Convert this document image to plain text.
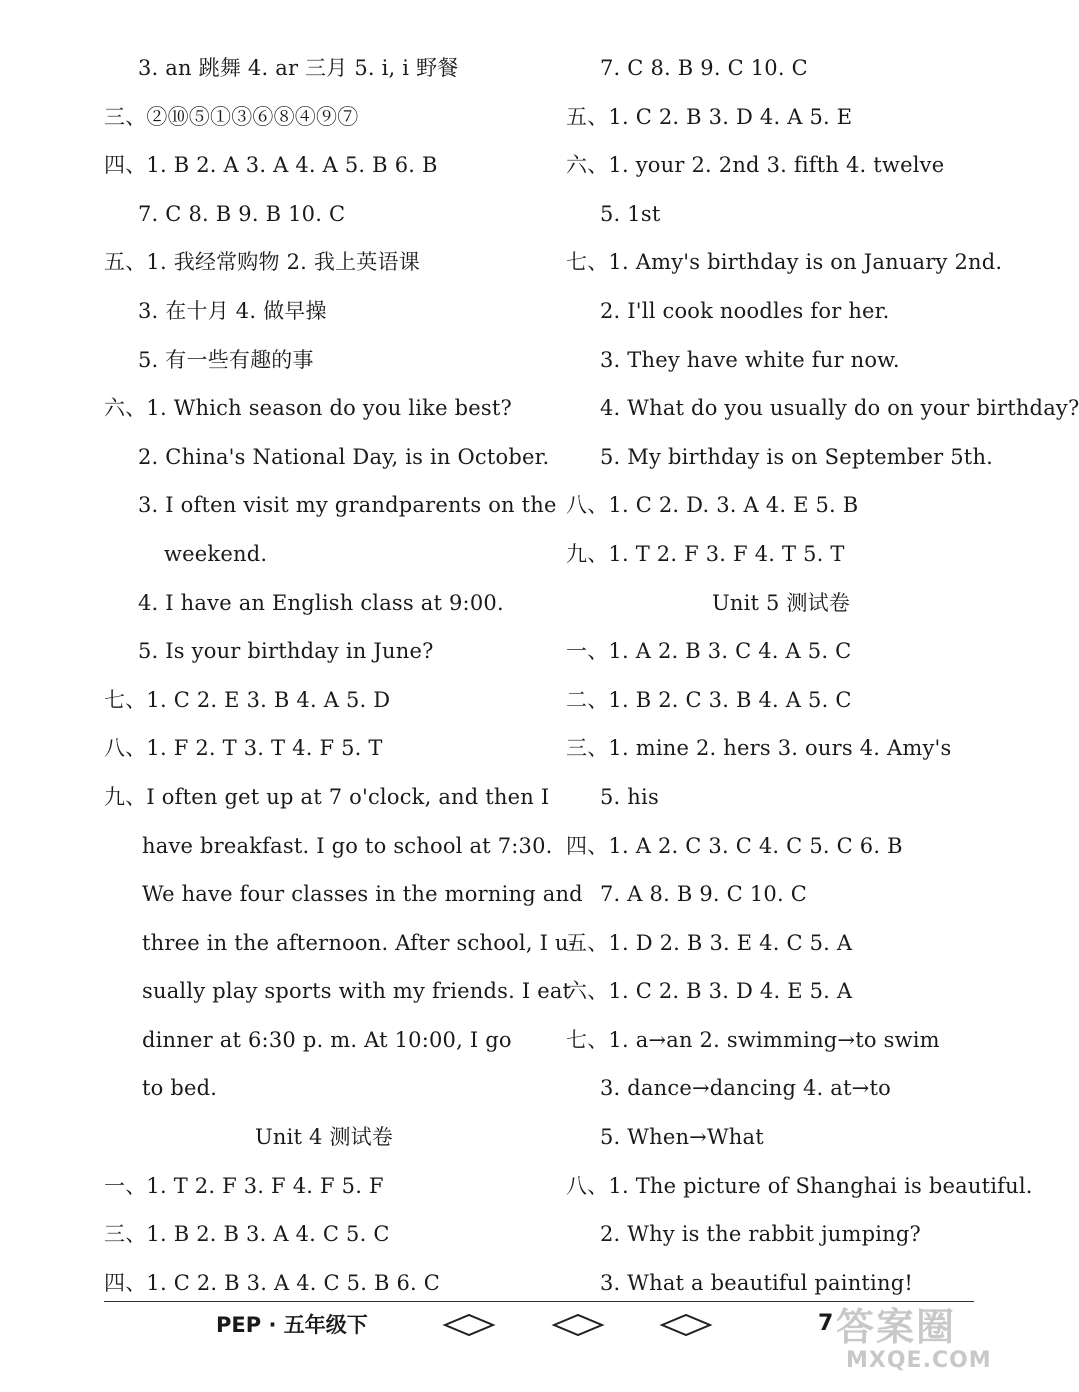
3. an 跳舞 4. ar 三月 5. i, i 野餐
三、②⑩⑤①③⑥⑧④⑨⑦
四、1. B 2. A 3. A 4. A 5. B 6. B
7. C 8. B 9. B 10. C
五、1. 我经常购物 2. 我上英语课
3. 在十月 4. 做早操
5. 有一些有趣的事
六、1. Which season do you like best?
2. China's National Day, is in October.
3. I often visit my grandparents on the
weekend.
4. I have an English class at 9:00.
5. Is your birthday in June?
七、1. C 2. E 3. B 4. A 5. D
八、1. F 2. T 3. T 4. F 5. T
九、I often get up at 7 o'clock, and then I
have breakfast. I go to school at 7:30.
We have four classes in the morning and
three in the afternoon. After school, I u-
sually play sports with my friends. I eat
dinner at 6:30 p. m. At 10:00, I go
to bed.
Unit 4 测试卷
一、1. T 2. F 3. F 4. F 5. F
三、1. B 2. B 3. A 4. C 5. C
四、1. C 2. B 3. A 4. C 5. B 6. C
7. C 8. B 9. C 10. C
五、1. C 2. B 3. D 4. A 5. E
六、1. your 2. 2nd 3. fifth 4. twelve
5. 1st
七、1. Amy's birthday is on January 2nd.
2. I'll cook noodles for her.
3. They have white fur now.
4. What do you usually do on your birthday?
5. My birthday is on September 5th.
八、1. C 2. D. 3. A 4. E 5. B
九、1. T 2. F 3. F 4. T 5. T
Unit 5 测试卷
一、1. A 2. B 3. C 4. A 5. C
二、1. B 2. C 3. B 4. A 5. C
三、1. mine 2. hers 3. ours 4. Amy's
5. his
四、1. A 2. C 3. C 4. C 5. C 6. B
7. A 8. B 9. C 10. C
五、1. D 2. B 3. E 4. C 5. A
六、1. C 2. B 3. D 4. E 5. A
七、1. a→an 2. swimming→to swim
3. dance→dancing 4. at→to
5. When→What
八、1. The picture of Shanghai is beautiful.
2. Why is the rabbit jumping?
3. What a beautiful painting!
PEP · 五年级下	7 答案圈
MXQE.COM
